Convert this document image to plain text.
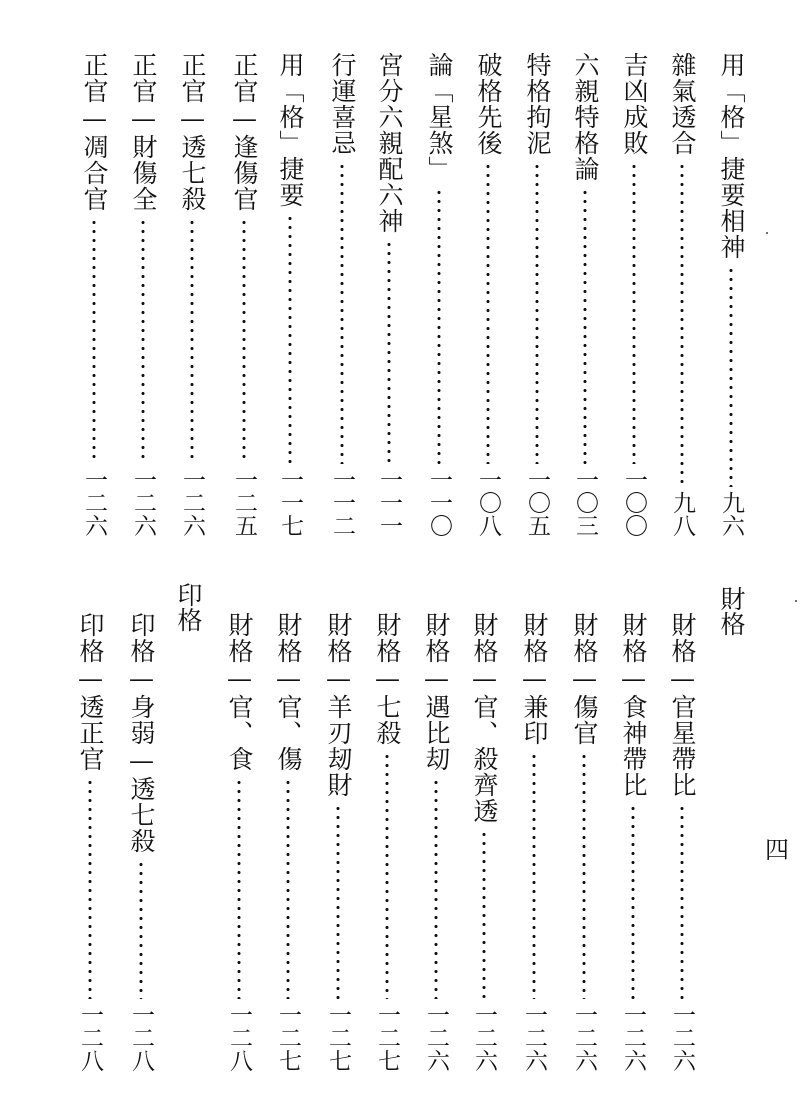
用「格」捷要相神
九六
雜氣透合
九八
吉凶成敗
一〇〇
六親特格論
一〇三
特格拘泥
一〇五
破格先後
一〇八
論「星煞」
一一〇
宮分六親配六神
一一一
行運喜忌
一一二
用「格」捷要
一一七
正官—逢傷官
一二五
正官—透七殺
一二六
正官—財傷全
一二六
正官—凋合官
一二六
財格
印格
財格—官星帶比
一二六
財格—食神帶比
一二六
財格—傷官
一二六
財格—兼印
一二六
財格—官、殺齊透
一二六
財格—遇比刧
一二六
財格—七殺
一二七
財格—羊刃刼財
一二七
財格—官、傷
一二七
財格—官、食
一二八
印格—身弱—透七殺
一二八
印格—透正官
一二八
四
